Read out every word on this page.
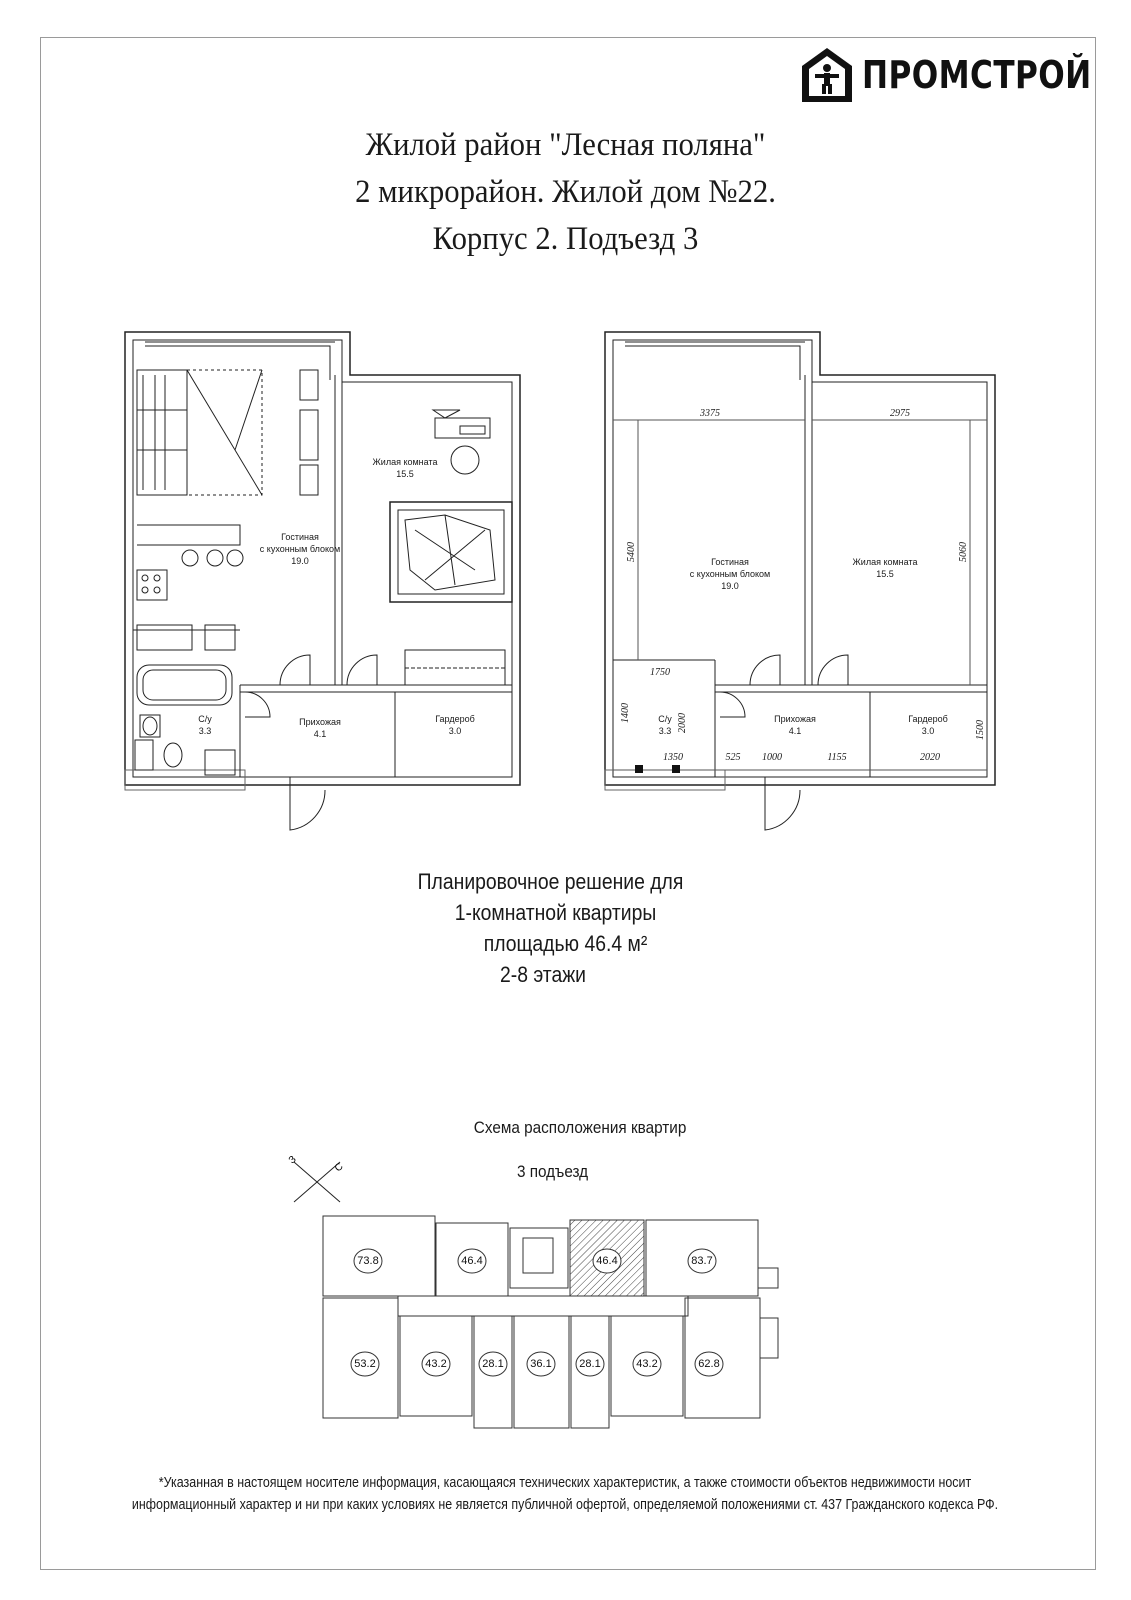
ПРОМСТРОЙ
Жилой район "Лесная поляна"
2 микрорайон. Жилой дом №22.
Корпус 2. Подъезд 3
Гостиная
с кухонным блоком
19.0
Жилая комната
15.5
С/у
3.3
Прихожая
4.1
Гардероб
3.0
Гостиная
с кухонным блоком
19.0
Жилая комната
15.5
С/у
3.3
Прихожая
4.1
Гардероб
3.0
3375	2975
5400	5060
1750
1400	2000
1350	525 1000	1155	2020
1500
Планировочное решение для
1-комнатной квартиры
площадью 46.4 м²
2-8 этажи
Схема расположения квартир
3 подъезд
З
С
73.8	46.4	46.4	83.7
53.2	43.2	28.1 36.1	28.1	43.2	62.8
*Указанная в настоящем носителе информация, касающаяся технических характеристик, а также стоимости объектов недвижимости носит
информационный характер и ни при каких условиях не является публичной офертой, определяемой положениями ст. 437 Гражданского кодекса РФ.
